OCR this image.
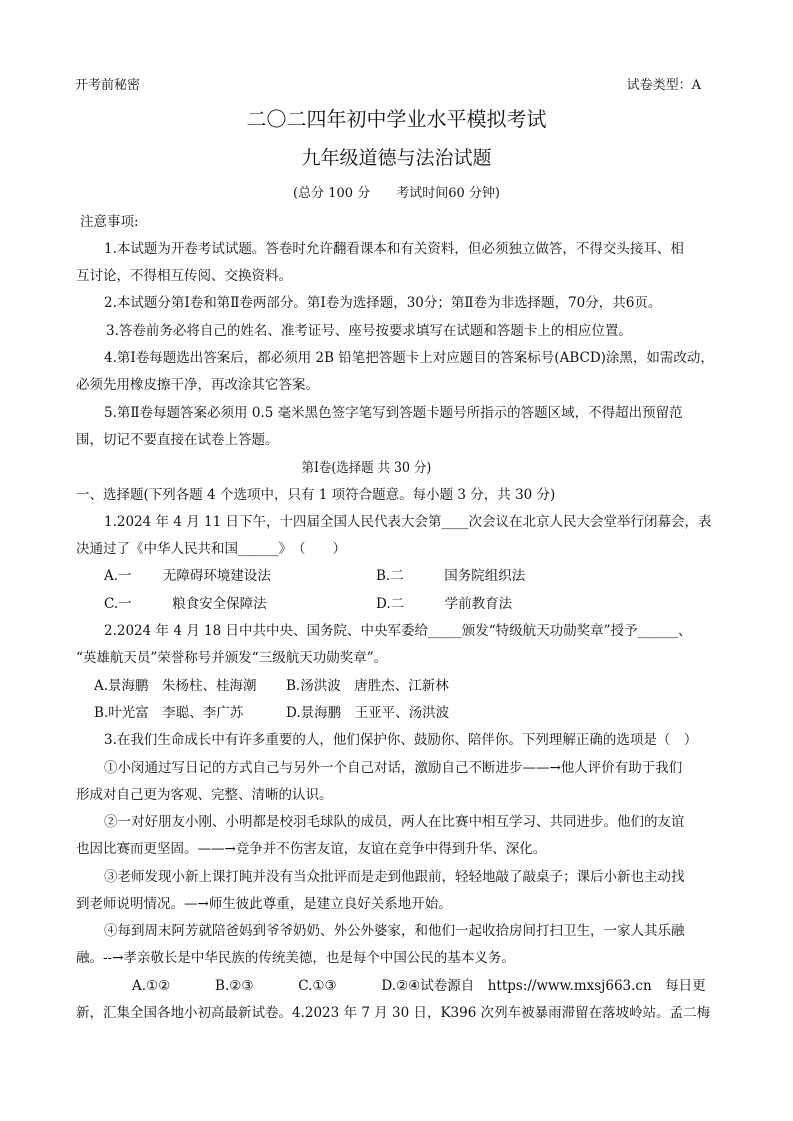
开考前秘密	试卷类型：A
二〇二四年初中学业水平模拟考试
九年级道德与法治试题
(总分 100 分　　考试时间60 分钟)
注意事项:
1.本试题为开卷考试试题。答卷时允许翻看课本和有关资料，但必须独立做答，不得交头接耳、相
互讨论，不得相互传阅、交换资料。
2.本试题分第Ⅰ卷和第Ⅱ卷两部分。第Ⅰ卷为选择题，30分；第Ⅱ卷为非选择题，70分，共6页。
3.答卷前务必将自己的姓名、准考证号、座号按要求填写在试题和答题卡上的相应位置。
4.第Ⅰ卷每题选出答案后，都必须用 2B 铅笔把答题卡上对应题目的答案标号(ABCD)涂黑，如需改动，
必须先用橡皮擦干净，再改涂其它答案。
5.第Ⅱ卷每题答案必须用 0.5 毫米黑色签字笔写到答题卡题号所指示的答题区域，不得超出预留范
围，切记不要直接在试卷上答题。
第Ⅰ卷(选择题 共 30 分)
一、选择题(下列各题 4 个选项中，只有 1 项符合题意。每小题 3 分，共 30 分)
1.2024 年 4 月 11 日下午，十四届全国人民代表大会第____次会议在北京人民大会堂举行闭幕会，表
决通过了《中华人民共和国______》　（　　）
A.一　　 无障碍环境建设法	B.二　　　国务院组织法
C.一　　　粮食安全保障法	D.二　　　学前教育法
2.2024 年 4 月 18 日中共中央、国务院、中央军委给_____颁发“特级航天功勋奖章”授予______、
“英雄航天员”荣誉称号并颁发“三级航天功勋奖章”。
A.景海鹏　朱杨柱、桂海潮 B.汤洪波　唐胜杰、江新林
B.叶光富　李聪、李广苏	D.景海鹏　王亚平、汤洪波
3.在我们生命成长中有许多重要的人，他们保护你、鼓励你、陪伴你。下列理解正确的选项是（　）
①小闵通过写日记的方式自己与另外一个自己对话，激励自己不断进步——→他人评价有助于我们
形成对自己更为客观、完整、清晰的认识。
②一对好朋友小刚、小明都是校羽毛球队的成员，两人在比赛中相互学习、共同进步。他们的友谊
也因比赛而更坚固。——→竞争并不伤害友谊，友谊在竞争中得到升华、深化。
③老师发现小新上课打盹并没有当众批评而是走到他跟前，轻轻地敲了敲桌子；课后小新也主动找
到老师说明情况。—→师生彼此尊重，是建立良好关系地开始。
④每到周末阿芳就陪爸妈到爷爷奶奶、外公外婆家，和他们一起收拾房间打扫卫生，一家人其乐融
融。--→孝亲敬长是中华民族的传统美德，也是每个中国公民的基本义务。
A.①②　　　 B.②③　　　 C.①③　　　 D.②④试卷源自　https://www.mxsj663.cn　每日更
新，汇集全国各地小初高最新试卷。4.2023 年 7 月 30 日，K396 次列车被暴雨滞留在落坡岭站。孟二梅
